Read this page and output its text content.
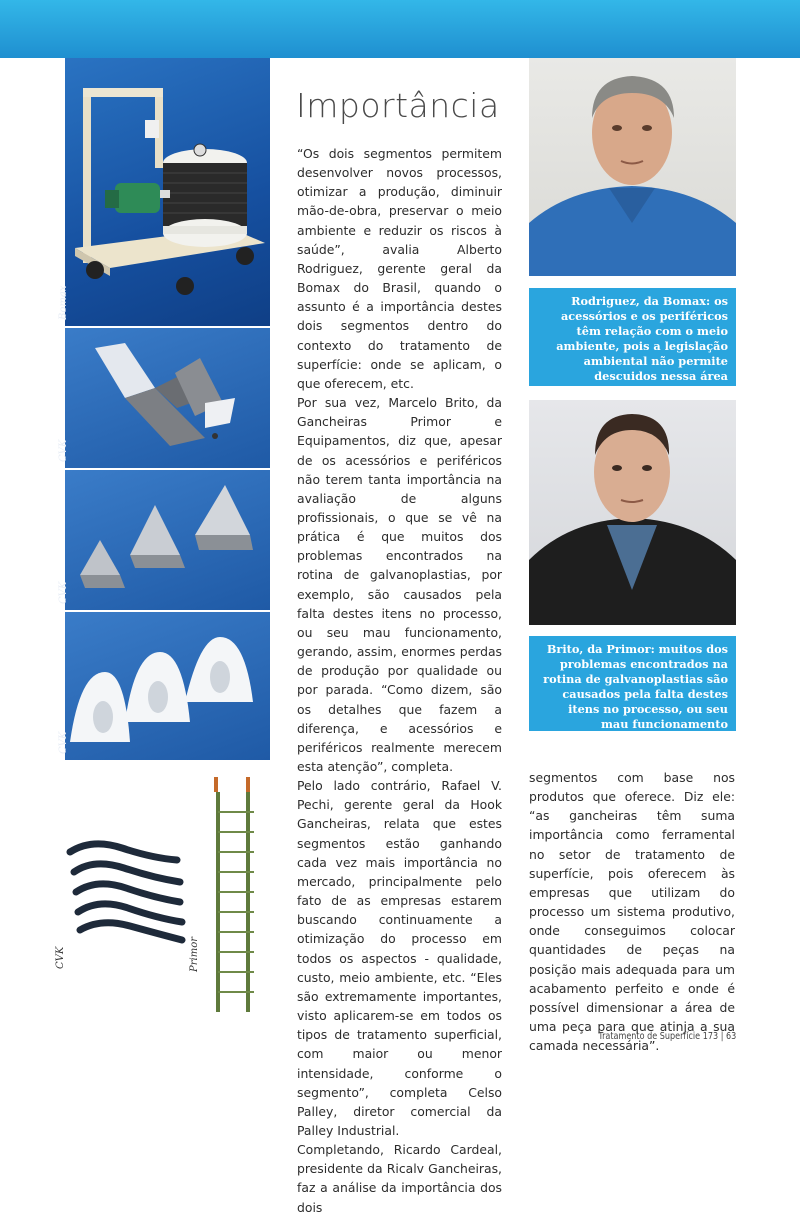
Bomax
CVK
CVK
CVK
CVK	Primor
Importância

“Os dois segmentos permitem desenvolver novos processos, otimizar a produção, diminuir mão-de-obra, preservar o meio ambiente e reduzir os riscos à saúde”, avalia Alberto Rodriguez, gerente geral da Bomax do Brasil, quando o assunto é a importância destes dois segmentos dentro do contexto do tratamento de superfície: onde se aplicam, o que oferecem, etc.

Por sua vez, Marcelo Brito, da Gancheiras Primor e Equipamentos, diz que, apesar de os acessórios e periféricos não terem tanta importância na avaliação de alguns profissionais, o que se vê na prática é que muitos dos problemas encontrados na rotina de galvanoplastias, por exemplo, são causados pela falta destes itens no processo, ou seu mau funcionamento, gerando, assim, enormes perdas de produção por qualidade ou por parada. “Como dizem, são os detalhes que fazem a diferença, e acessórios e periféricos realmente merecem esta atenção”, completa.

Pelo lado contrário, Rafael V. Pechi, gerente geral da Hook Gancheiras, relata que estes segmentos estão ganhando cada vez mais importância no mercado, principalmente pelo fato de as empresas estarem buscando continuamente a otimização do processo em todos os aspectos - qualidade, custo, meio ambiente, etc. “Eles são extremamente importantes, visto aplicarem-se em todos os tipos de tratamento superficial, com maior ou menor intensidade, conforme o segmento”, completa Celso Palley, diretor comercial da Palley Industrial.

Completando, Ricardo Cardeal, presidente da Ricalv Gancheiras, faz a análise da importância dos dois

Rodriguez, da Bomax: os acessórios e os periféricos têm relação com o meio ambiente, pois a legislação ambiental não permite descuidos nessa área
Brito, da Primor: muitos dos problemas encontrados na rotina de galvanoplastias são causados pela falta destes itens no processo, ou seu mau funcionamento
segmentos com base nos produtos que oferece. Diz ele: “as gancheiras têm suma importância como ferramental no setor de tratamento de superfície, pois oferecem às empresas que utilizam do processo um sistema produtivo, onde conseguimos colocar quantidades de peças na posição mais adequada para um acabamento perfeito e onde é possível dimensionar a área de uma peça para que atinja a sua camada necessária”.
Tratamento de Superfície 173 | 63
